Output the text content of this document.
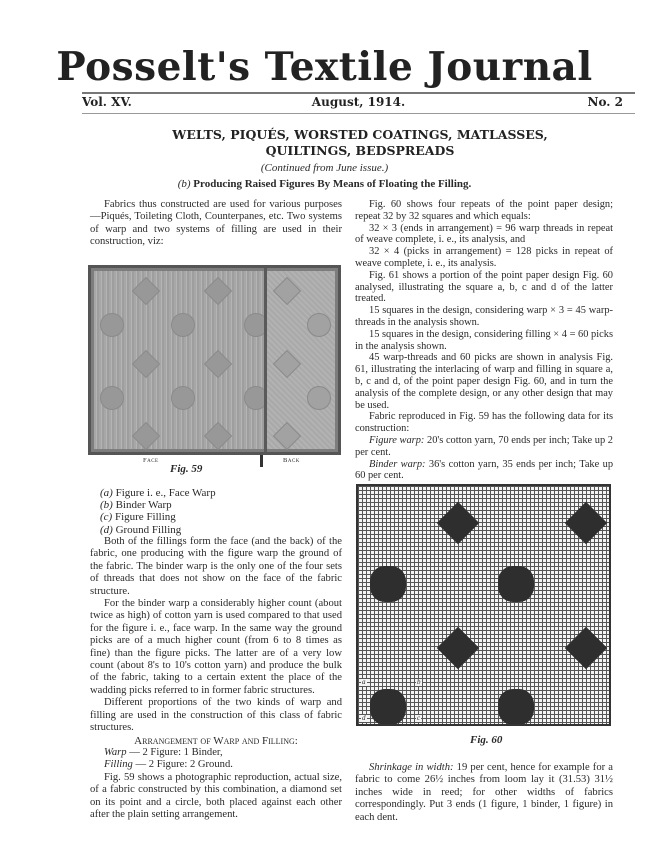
Posselt's Textile Journal
Vol. XV.	August, 1914.	No. 2
WELTS, PIQUÉS, WORSTED COATINGS, MATLASSES,
QUILTINGS, BEDSPREADS
(Continued from June issue.)
(b) Producing Raised Figures By Means of Floating the Filling.

Fabrics thus constructed are used for various purposes—Piqués, Toileting Cloth, Counterpanes, etc. Two systems of warp and two systems of filling are used in their construction, viz:

Face	Back
Fig. 59
(a) Figure i. e., Face Warp
(b) Binder Warp
(c) Figure Filling
(d) Ground Filling

Both of the fillings form the face (and the back) of the fabric, one producing with the figure warp the ground of the fabric. The binder warp is the only one of the four sets of threads that does not show on the face of the fabric structure.

For the binder warp a considerably higher count (about twice as high) of cotton yarn is used compared to that used for the figure i. e., face warp. In the same way the ground picks are of a much higher count (from 6 to 8 times as fine) than the figure picks. The latter are of a very low count (about 8's to 10's cotton yarn) and produce the bulk of the fabric, taking to a certain extent the place of the wadding picks referred to in former fabric structures.

Different proportions of the two kinds of warp and filling are used in the construction of this class of fabric structures.

Arrangement of Warp and Filling:

Warp — 2 Figure: 1 Binder,

Filling — 2 Figure: 2 Ground.

Fig. 59 shows a photographic reproduction, actual size, of a fabric constructed by this combination, a diamond set on its point and a circle, both placed against each other after the plain setting arrangement.

Fig. 60 shows four repeats of the point paper design; repeat 32 by 32 squares and which equals:

32 × 3 (ends in arrangement) = 96 warp threads in repeat of weave complete, i. e., its analysis, and

32 × 4 (picks in arrangement) = 128 picks in repeat of weave complete, i. e., its analysis.

Fig. 61 shows a portion of the point paper design Fig. 60 analysed, illustrating the square a, b, c and d of the latter treated.

15 squares in the design, considering warp × 3 = 45 warp-threads in the analysis shown.

15 squares in the design, considering filling × 4 = 60 picks in the analysis shown.

45 warp-threads and 60 picks are shown in analysis Fig. 61, illustrating the interlacing of warp and filling in square a, b, c and d, of the point paper design Fig. 60, and in turn the analysis of the complete design, or any other design that may be used.

Fabric reproduced in Fig. 59 has the following data for its construction:

Figure warp: 20's cotton yarn, 70 ends per inch; Take up 2 per cent.

Binder warp: 36's cotton yarn, 35 ends per inch; Take up 60 per cent.

a	b
c
d
Fig. 60

Shrinkage in width: 19 per cent, hence for example for a fabric to come 26½ inches from loom lay it (31.53) 31½ inches wide in reed; for other widths of fabrics correspondingly. Put 3 ends (1 figure, 1 binder, 1 figure) in each dent.
